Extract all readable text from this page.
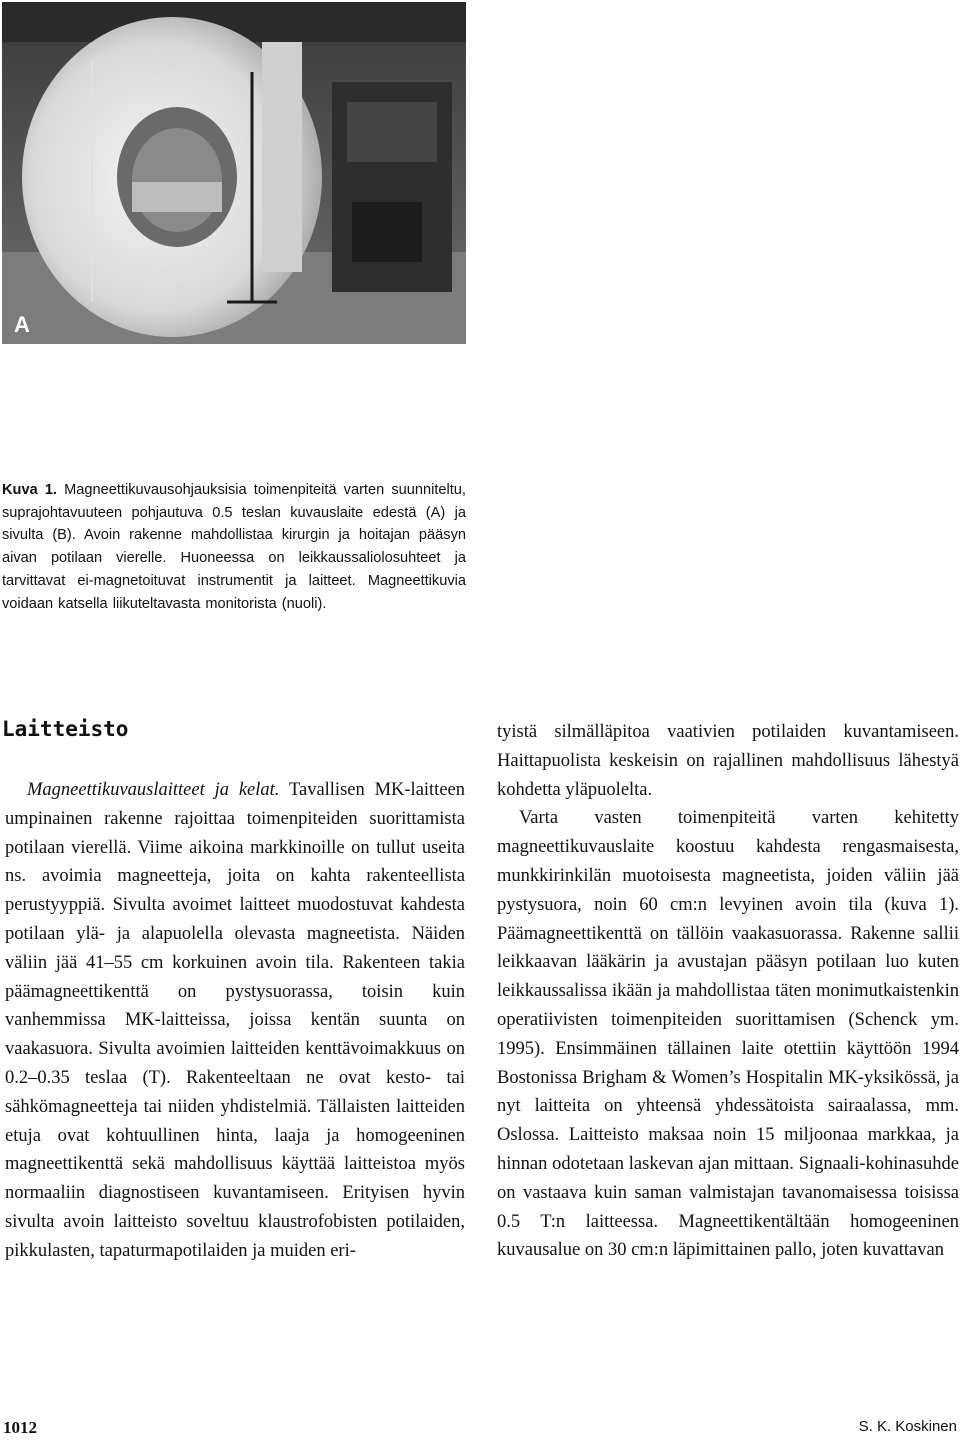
A
Kuva 1. Magneettikuvausohjauksisia toimenpiteitä varten suunniteltu, suprajohtavuuteen pohjautuva 0.5 teslan kuvauslaite edestä (A) ja sivulta (B). Avoin rakenne mahdollistaa kirurgin ja hoitajan pääsyn aivan potilaan vierelle. Huoneessa on leikkaussaliolosuhteet ja tarvittavat ei-magnetoituvat instrumentit ja laitteet. Magneettikuvia voidaan katsella liikuteltavasta monitorista (nuoli).
Laitteisto

Magneettikuvauslaitteet ja kelat. Tavallisen MK-laitteen umpinainen rakenne rajoittaa toimenpiteiden suorittamista potilaan vierellä. Viime aikoina markkinoille on tullut useita ns. avoimia magneetteja, joita on kahta rakenteellista perustyyppiä. Sivulta avoimet laitteet muodostuvat kahdesta potilaan ylä- ja alapuolella olevasta magneetista. Näiden väliin jää 41–55 cm korkuinen avoin tila. Rakenteen takia päämagneettikenttä on pystysuorassa, toisin kuin vanhemmissa MK-laitteissa, joissa kentän suunta on vaakasuora. Sivulta avoimien laitteiden kenttävoimakkuus on 0.2–0.35 teslaa (T). Rakenteeltaan ne ovat kesto- tai sähkömagneetteja tai niiden yhdistelmiä. Tällaisten laitteiden etuja ovat kohtuullinen hinta, laaja ja homogeeninen magneettikenttä sekä mahdollisuus käyttää laitteistoa myös normaaliin diagnostiseen kuvantamiseen. Erityisen hyvin sivulta avoin laitteisto soveltuu klaustrofobisten potilaiden, pikkulasten, tapaturmapotilaiden ja muiden eri-

tyistä silmälläpitoa vaativien potilaiden kuvantamiseen. Haittapuolista keskeisin on rajallinen mahdollisuus lähestyä kohdetta yläpuolelta.

Varta vasten toimenpiteitä varten kehitetty magneettikuvauslaite koostuu kahdesta rengasmaisesta, munkkirinkilän muotoisesta magneetista, joiden väliin jää pystysuora, noin 60 cm:n levyinen avoin tila (kuva 1). Päämagneettikenttä on tällöin vaakasuorassa. Rakenne sallii leikkaavan lääkärin ja avustajan pääsyn potilaan luo kuten leikkaussalissa ikään ja mahdollistaa täten monimutkaistenkin operatiivisten toimenpiteiden suorittamisen (Schenck ym. 1995). Ensimmäinen tällainen laite otettiin käyttöön 1994 Bostonissa Brigham & Women’s Hospitalin MK-yksikössä, ja nyt laitteita on yhteensä yhdessätoista sairaalassa, mm. Oslossa. Laitteisto maksaa noin 15 miljoonaa markkaa, ja hinnan odotetaan laskevan ajan mittaan. Signaali-kohinasuhde on vastaava kuin saman valmistajan tavanomaisessa toisissa 0.5 T:n laitteessa. Magneettikentältään homogeeninen kuvausalue on 30 cm:n läpimittainen pallo, joten kuvattavan

1012	S. K. Koskinen
